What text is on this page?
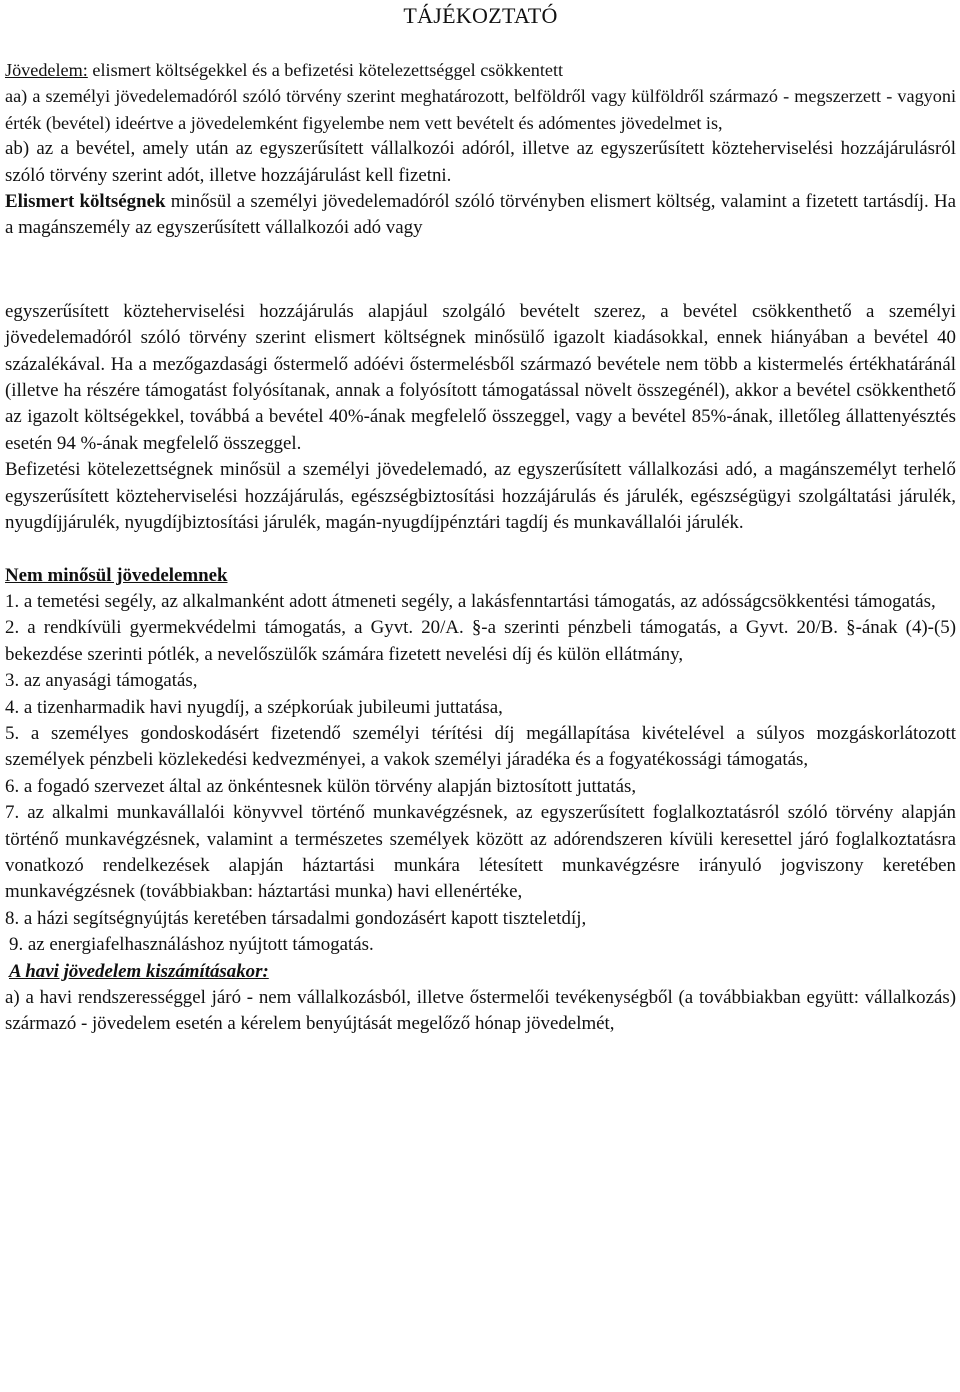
TÁJÉKOZTATÓ

Jövedelem: elismert költségekkel és a befizetési kötelezettséggel csökkentett

aa) a személyi jövedelemadóról szóló törvény szerint meghatározott, belföldről vagy külföldről származó - megszerzett - vagyoni érték (bevétel) ideértve a jövedelemként figyelembe nem vett bevételt és adómentes jövedelmet is,

ab) az a bevétel, amely után az egyszerűsített vállalkozói adóról, illetve az egyszerűsített közteherviselési hozzájárulásról szóló törvény szerint adót, illetve hozzájárulást kell fizetni.

Elismert költségnek minősül a személyi jövedelemadóról szóló törvényben elismert költség, valamint a fizetett tartásdíj. Ha a magánszemély az egyszerűsített vállalkozói adó vagy

egyszerűsített közteherviselési hozzájárulás alapjául szolgáló bevételt szerez, a bevétel csökkenthető a személyi jövedelemadóról szóló törvény szerint elismert költségnek minősülő igazolt kiadásokkal, ennek hiányában a bevétel 40 százalékával. Ha a mezőgazdasági őstermelő adóévi őstermelésből származó bevétele nem több a kistermelés értékhatáránál (illetve ha részére támogatást folyósítanak, annak a folyósított támogatással növelt összegénél), akkor a bevétel csökkenthető az igazolt költségekkel, továbbá a bevétel 40%-ának megfelelő összeggel, vagy a bevétel 85%-ának, illetőleg állattenyésztés esetén 94 %-ának megfelelő összeggel.

Befizetési kötelezettségnek minősül a személyi jövedelemadó, az egyszerűsített vállalkozási adó, a magánszemélyt terhelő egyszerűsített közteherviselési hozzájárulás, egészségbiztosítási hozzájárulás és járulék, egészségügyi szolgáltatási járulék, nyugdíjjárulék, nyugdíjbiztosítási járulék, magán-nyugdíjpénztári tagdíj és munkavállalói járulék.

Nem minősül jövedelemnek

1. a temetési segély, az alkalmanként adott átmeneti segély, a lakásfenntartási támogatás, az adósságcsökkentési támogatás,

2. a rendkívüli gyermekvédelmi támogatás, a Gyvt. 20/A. §-a szerinti pénzbeli támogatás, a Gyvt. 20/B. §-ának (4)-(5) bekezdése szerinti pótlék, a nevelőszülők számára fizetett nevelési díj és külön ellátmány,

3. az anyasági támogatás,

4. a tizenharmadik havi nyugdíj, a szépkorúak jubileumi juttatása,

5. a személyes gondoskodásért fizetendő személyi térítési díj megállapítása kivételével a súlyos mozgáskorlátozott személyek pénzbeli közlekedési kedvezményei, a vakok személyi járadéka és a fogyatékossági támogatás,

6. a fogadó szervezet által az önkéntesnek külön törvény alapján biztosított juttatás,

7. az alkalmi munkavállalói könyvvel történő munkavégzésnek, az egyszerűsített foglalkoztatásról szóló törvény alapján történő munkavégzésnek, valamint a természetes személyek között az adórendszeren kívüli keresettel járó foglalkoztatásra vonatkozó rendelkezések alapján háztartási munkára létesített munkavégzésre irányuló jogviszony keretében munkavégzésnek (továbbiakban: háztartási munka) havi ellenértéke,

8. a házi segítségnyújtás keretében társadalmi gondozásért kapott tiszteletdíj,

9. az energiafelhasználáshoz nyújtott támogatás.

A havi jövedelem kiszámításakor:

a) a havi rendszerességgel járó - nem vállalkozásból, illetve őstermelői tevékenységből (a továbbiakban együtt: vállalkozás) származó - jövedelem esetén a kérelem benyújtását megelőző hónap jövedelmét,
